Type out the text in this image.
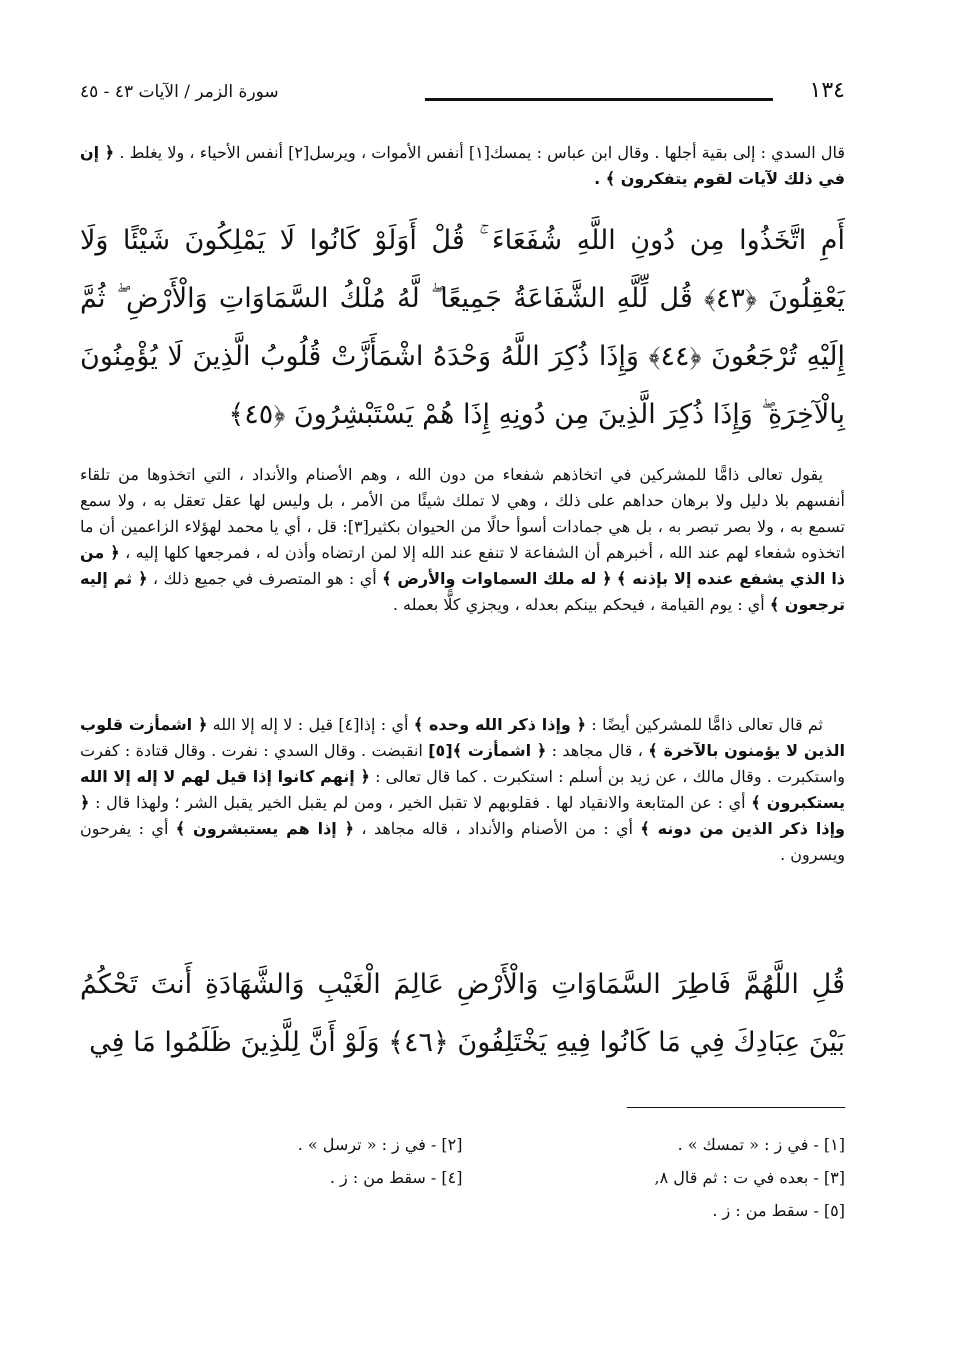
١٣٤
سورة الزمر / الآيات ٤٣ - ٤٥

قال السدي : إلى بقية أجلها . وقال ابن عباس : يمسك[١] أنفس الأموات ، ويرسل[٢] أنفس الأحياء ، ولا يغلط . ﴿ إن في ذلك لآيات لقوم يتفكرون ﴾ .

أَمِ اتَّخَذُوا مِن دُونِ اللَّهِ شُفَعَاءَ ۚ قُلْ أَوَلَوْ كَانُوا لَا يَمْلِكُونَ شَيْئًا وَلَا يَعْقِلُونَ ﴿٤٣﴾ قُل لِّلَّهِ الشَّفَاعَةُ جَمِيعًا ۖ لَّهُ مُلْكُ السَّمَاوَاتِ وَالْأَرْضِ ۖ ثُمَّ إِلَيْهِ تُرْجَعُونَ ﴿٤٤﴾ وَإِذَا ذُكِرَ اللَّهُ وَحْدَهُ اشْمَأَزَّتْ قُلُوبُ الَّذِينَ لَا يُؤْمِنُونَ بِالْآخِرَةِ ۖ وَإِذَا ذُكِرَ الَّذِينَ مِن دُونِهِ إِذَا هُمْ يَسْتَبْشِرُونَ ﴿٤٥﴾

يقول تعالى ذامًّا للمشركين في اتخاذهم شفعاء من دون الله ، وهم الأصنام والأنداد ، التي اتخذوها من تلقاء أنفسهم بلا دليل ولا برهان حداهم على ذلك ، وهي لا تملك شيئًا من الأمر ، بل وليس لها عقل تعقل به ، ولا سمع تسمع به ، ولا بصر تبصر به ، بل هي جمادات أسوأ حالًا من الحيوان بكثير[٣]: قل ، أي يا محمد لهؤلاء الزاعمين أن ما اتخذوه شفعاء لهم عند الله ، أخبرهم أن الشفاعة لا تنفع عند الله إلا لمن ارتضاه وأذن له ، فمرجعها كلها إليه ، ﴿ من ذا الذي يشفع عنده إلا بإذنه ﴾ ﴿ له ملك السماوات والأرض ﴾ أي : هو المتصرف في جميع ذلك ، ﴿ ثم إليه ترجعون ﴾ أي : يوم القيامة ، فيحكم بينكم بعدله ، ويجزي كلًّا بعمله .

ثم قال تعالى ذامًّا للمشركين أيضًا : ﴿ وإذا ذكر الله وحده ﴾ أي : إذا[٤] قيل : لا إله إلا الله ﴿ اشمأزت قلوب الذين لا يؤمنون بالآخرة ﴾ ، قال مجاهد : ﴿ اشمأزت ﴾[٥] انقبضت . وقال السدي : نفرت . وقال قتادة : كفرت واستكبرت . وقال مالك ، عن زيد بن أسلم : استكبرت . كما قال تعالى : ﴿ إنهم كانوا إذا قيل لهم لا إله إلا الله يستكبرون ﴾ أي : عن المتابعة والانقياد لها . فقلوبهم لا تقبل الخير ، ومن لم يقبل الخير يقبل الشر ؛ ولهذا قال : ﴿ وإذا ذكر الذين من دونه ﴾ أي : من الأصنام والأنداد ، قاله مجاهد ، ﴿ إذا هم يستبشرون ﴾ أي : يفرحون ويسرون .

قُلِ اللَّهُمَّ فَاطِرَ السَّمَاوَاتِ وَالْأَرْضِ عَالِمَ الْغَيْبِ وَالشَّهَادَةِ أَنتَ تَحْكُمُ بَيْنَ عِبَادِكَ فِي مَا كَانُوا فِيهِ يَخْتَلِفُونَ ﴿٤٦﴾ وَلَوْ أَنَّ لِلَّذِينَ ظَلَمُوا مَا فِي

[١] - في ز : « تمسك » .
[٢] - في ز : « ترسل » .
[٣] - بعده في ت : ثم قال ٨,
[٤] - سقط من : ز .
[٥] - سقط من : ز .
